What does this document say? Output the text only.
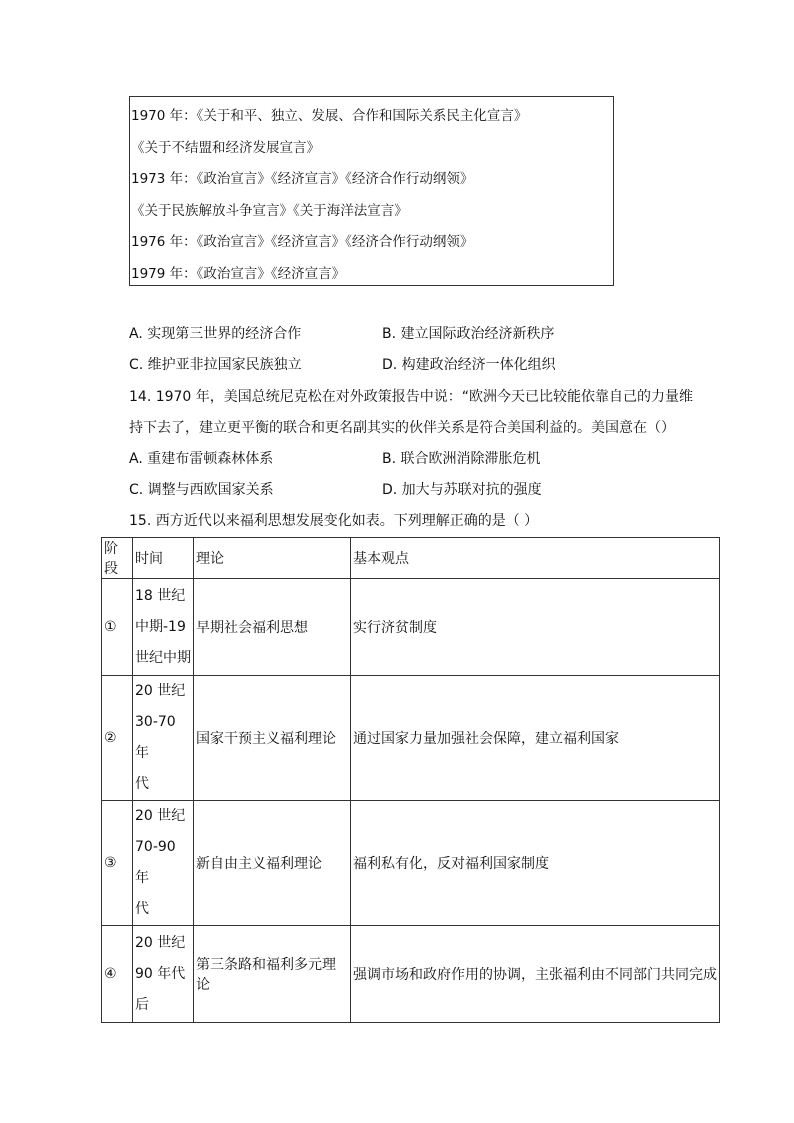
1970 年：《关于和平、独立、发展、合作和国际关系民主化宣言》
《关于不结盟和经济发展宣言》
1973 年：《政治宣言》《经济宣言》《经济合作行动纲领》
《关于民族解放斗争宣言》《关于海洋法宣言》
1976 年：《政治宣言》《经济宣言》《经济合作行动纲领》
1979 年：《政治宣言》《经济宣言》
A. 实现第三世界的经济合作	B. 建立国际政治经济新秩序
C. 维护亚非拉国家民族独立	D. 构建政治经济一体化组织
14. 1970 年，美国总统尼克松在对外政策报告中说：“欧洲今天已比较能依靠自己的力量维
持下去了，建立更平衡的联合和更名副其实的伙伴关系是符合美国利益的。美国意在（）
A. 重建布雷顿森林体系	B. 联合欧洲消除滞胀危机
C. 调整与西欧国家关系	D. 加大与苏联对抗的强度
15. 西方近代以来福利思想发展变化如表。下列理解正确的是（ ）
阶段	时间	理论	基本观点
①	18 世纪
中期-19
世纪中期	早期社会福利思想	实行济贫制度
②	20 世纪
30-70 年
代	国家干预主义福利理论	通过国家力量加强社会保障，建立福利国家
③	20 世纪
70-90 年
代	新自由主义福利理论	福利私有化，反对福利国家制度
④	20 世纪
90 年代
后	第三条路和福利多元理论	强调市场和政府作用的协调，主张福利由不同部门共同完成
